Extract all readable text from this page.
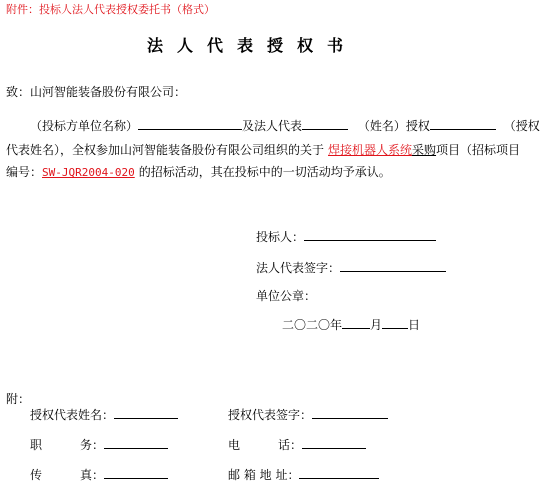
附件：投标人法人代表授权委托书（格式）
法人代表授权书
致：山河智能装备股份有限公司：
（投标方单位名称）	及法人代表	（姓名）授权	（授权
代表姓名），全权参加山河智能装备股份有限公司组织的关于 焊接机器人系统采购项目（招标项目
编号：SW-JQR2004-020 的招标活动，其在投标中的一切活动均予承认。
投标人：
法人代表签字：
单位公章：
二〇二〇年 月 日
附：
授权代表姓名：	授权代表签字：
职	务：	电	话：
传	真：	邮 箱 地 址：
